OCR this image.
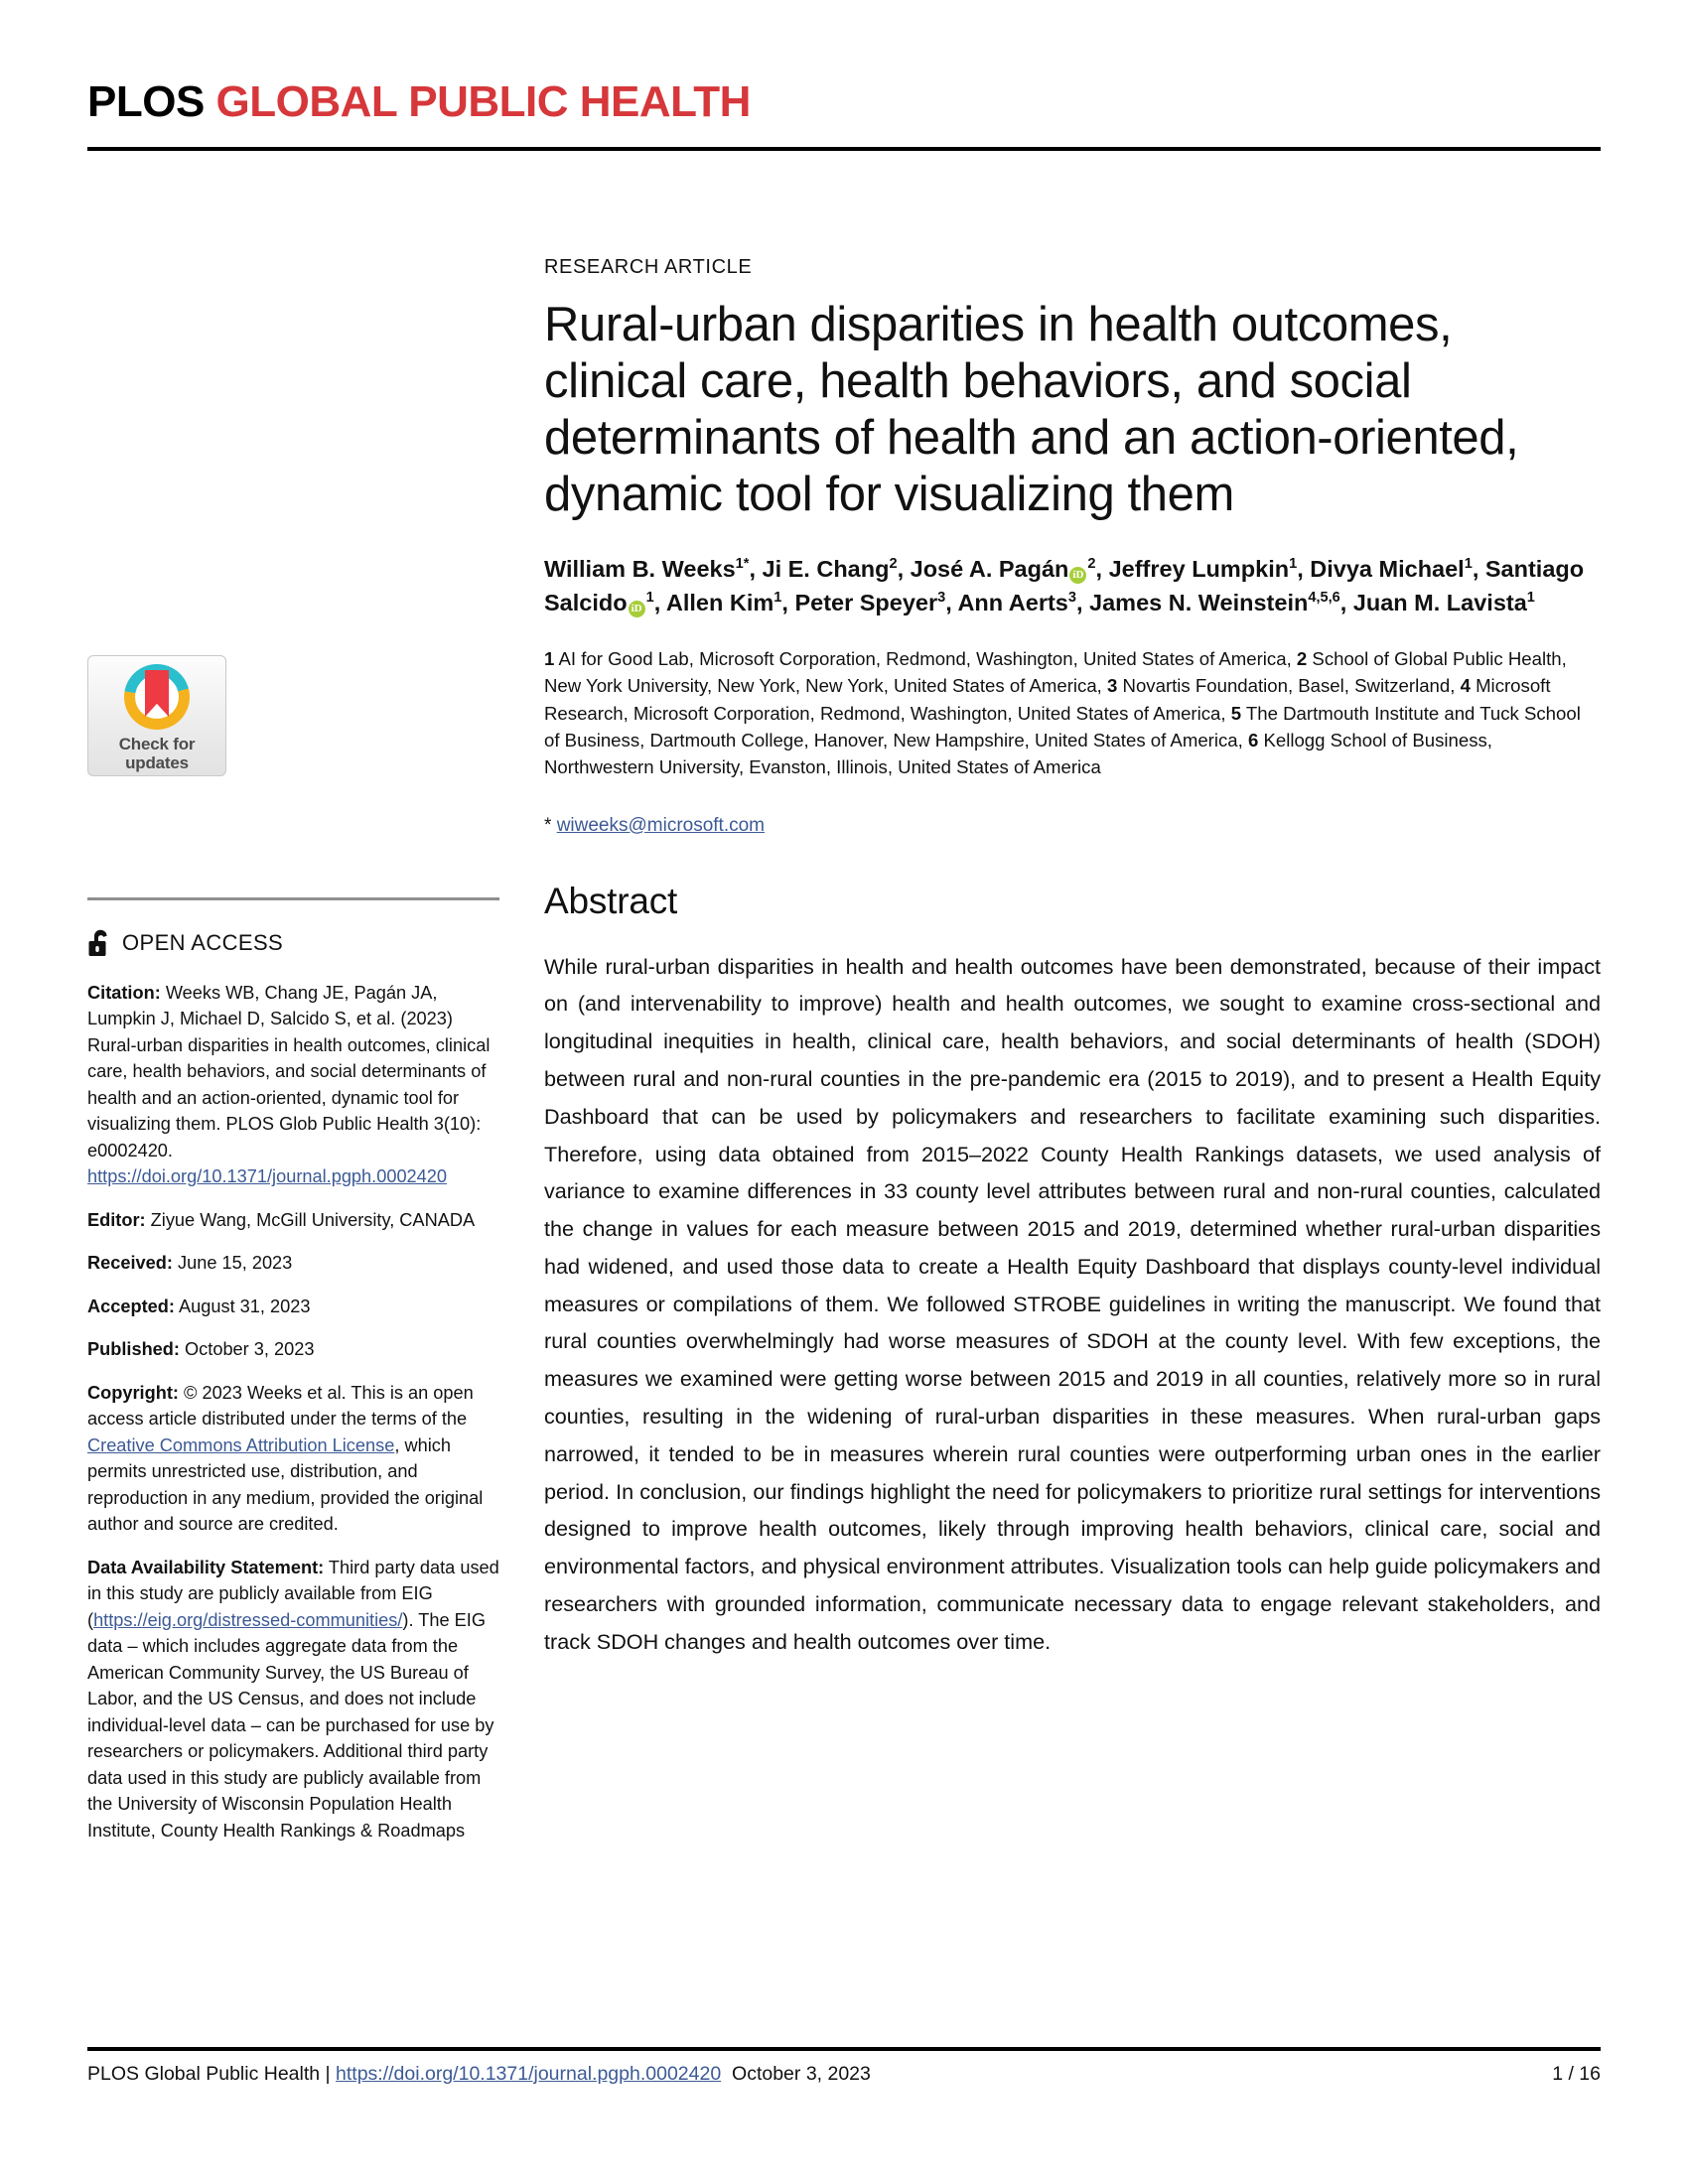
PLOS GLOBAL PUBLIC HEALTH
Check for
updates
OPEN ACCESS

Citation: Weeks WB, Chang JE, Pagán JA, Lumpkin J, Michael D, Salcido S, et al. (2023) Rural-urban disparities in health outcomes, clinical care, health behaviors, and social determinants of health and an action-oriented, dynamic tool for visualizing them. PLOS Glob Public Health 3(10): e0002420. https://doi.org/10.1371/journal.pgph.0002420

Editor: Ziyue Wang, McGill University, CANADA

Received: June 15, 2023

Accepted: August 31, 2023

Published: October 3, 2023

Copyright: © 2023 Weeks et al. This is an open access article distributed under the terms of the Creative Commons Attribution License, which permits unrestricted use, distribution, and reproduction in any medium, provided the original author and source are credited.

Data Availability Statement: Third party data used in this study are publicly available from EIG (https://eig.org/distressed-communities/). The EIG data – which includes aggregate data from the American Community Survey, the US Bureau of Labor, and the US Census, and does not include individual-level data – can be purchased for use by researchers or policymakers. Additional third party data used in this study are publicly available from the University of Wisconsin Population Health Institute, County Health Rankings & Roadmaps

RESEARCH ARTICLE
Rural-urban disparities in health outcomes, clinical care, health behaviors, and social determinants of health and an action-oriented, dynamic tool for visualizing them
William B. Weeks$^{1*}$, Ji E. Chang$^2$, José A. Pagán $iD^2$, Jeffrey Lumpkin$^1$, Divya Michael$^1$, Santiago Salcido $iD^1$, Allen Kim$^1$, Peter Speyer$^3$, Ann Aerts$^3$, James N. Weinstein$^{4,5,6}$, Juan M. Lavista$^1$
1 AI for Good Lab, Microsoft Corporation, Redmond, Washington, United States of America, 2 School of Global Public Health, New York University, New York, New York, United States of America, 3 Novartis Foundation, Basel, Switzerland, 4 Microsoft Research, Microsoft Corporation, Redmond, Washington, United States of America, 5 The Dartmouth Institute and Tuck School of Business, Dartmouth College, Hanover, New Hampshire, United States of America, 6 Kellogg School of Business, Northwestern University, Evanston, Illinois, United States of America
* wiweeks@microsoft.com
Abstract

While rural-urban disparities in health and health outcomes have been demonstrated, because of their impact on (and intervenability to improve) health and health outcomes, we sought to examine cross-sectional and longitudinal inequities in health, clinical care, health behaviors, and social determinants of health (SDOH) between rural and non-rural counties in the pre-pandemic era (2015 to 2019), and to present a Health Equity Dashboard that can be used by policymakers and researchers to facilitate examining such disparities. Therefore, using data obtained from 2015–2022 County Health Rankings datasets, we used analysis of variance to examine differences in 33 county level attributes between rural and non-rural counties, calculated the change in values for each measure between 2015 and 2019, determined whether rural-urban disparities had widened, and used those data to create a Health Equity Dashboard that displays county-level individual measures or compilations of them. We followed STROBE guidelines in writing the manuscript. We found that rural counties overwhelmingly had worse measures of SDOH at the county level. With few exceptions, the measures we examined were getting worse between 2015 and 2019 in all counties, relatively more so in rural counties, resulting in the widening of rural-urban disparities in these measures. When rural-urban gaps narrowed, it tended to be in measures wherein rural counties were outperforming urban ones in the earlier period. In conclusion, our findings highlight the need for policymakers to prioritize rural settings for interventions designed to improve health outcomes, likely through improving health behaviors, clinical care, social and environmental factors, and physical environment attributes. Visualization tools can help guide policymakers and researchers with grounded information, communicate necessary data to engage relevant stakeholders, and track SDOH changes and health outcomes over time.

PLOS Global Public Health | https://doi.org/10.1371/journal.pgph.0002420 October 3, 2023	1 / 16
